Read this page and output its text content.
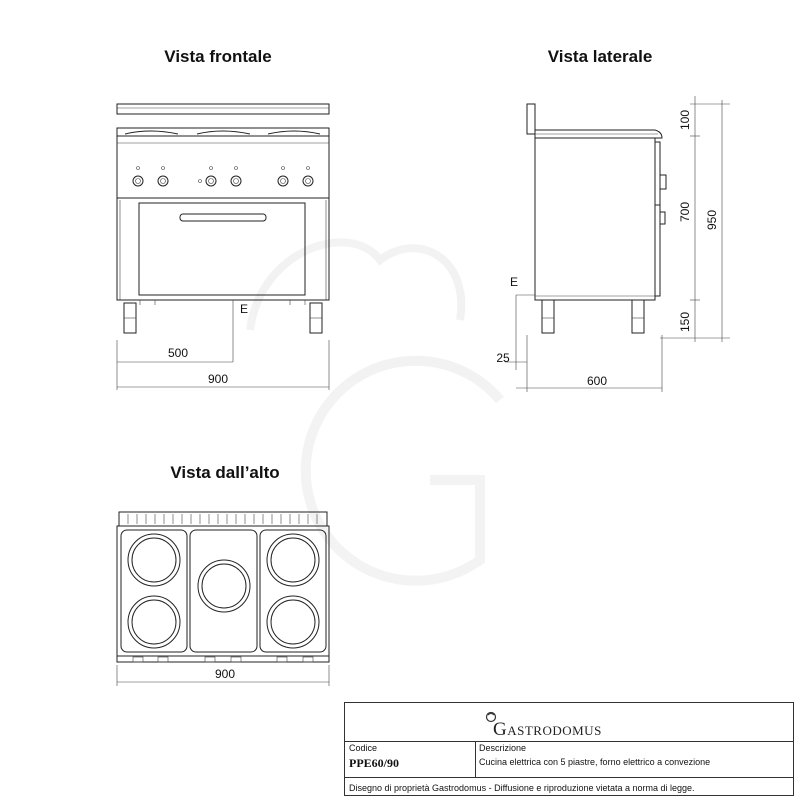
Vista frontale	Vista laterale
Vista dall’alto
E
500
900
E
25
600
100
700 950
150
900
Gastrodomus
Codice
PPE60/90
Descrizione
Cucina elettrica con 5 piastre, forno elettrico a convezione
Disegno di proprietà Gastrodomus - Diffusione e riproduzione vietata a norma di legge.
